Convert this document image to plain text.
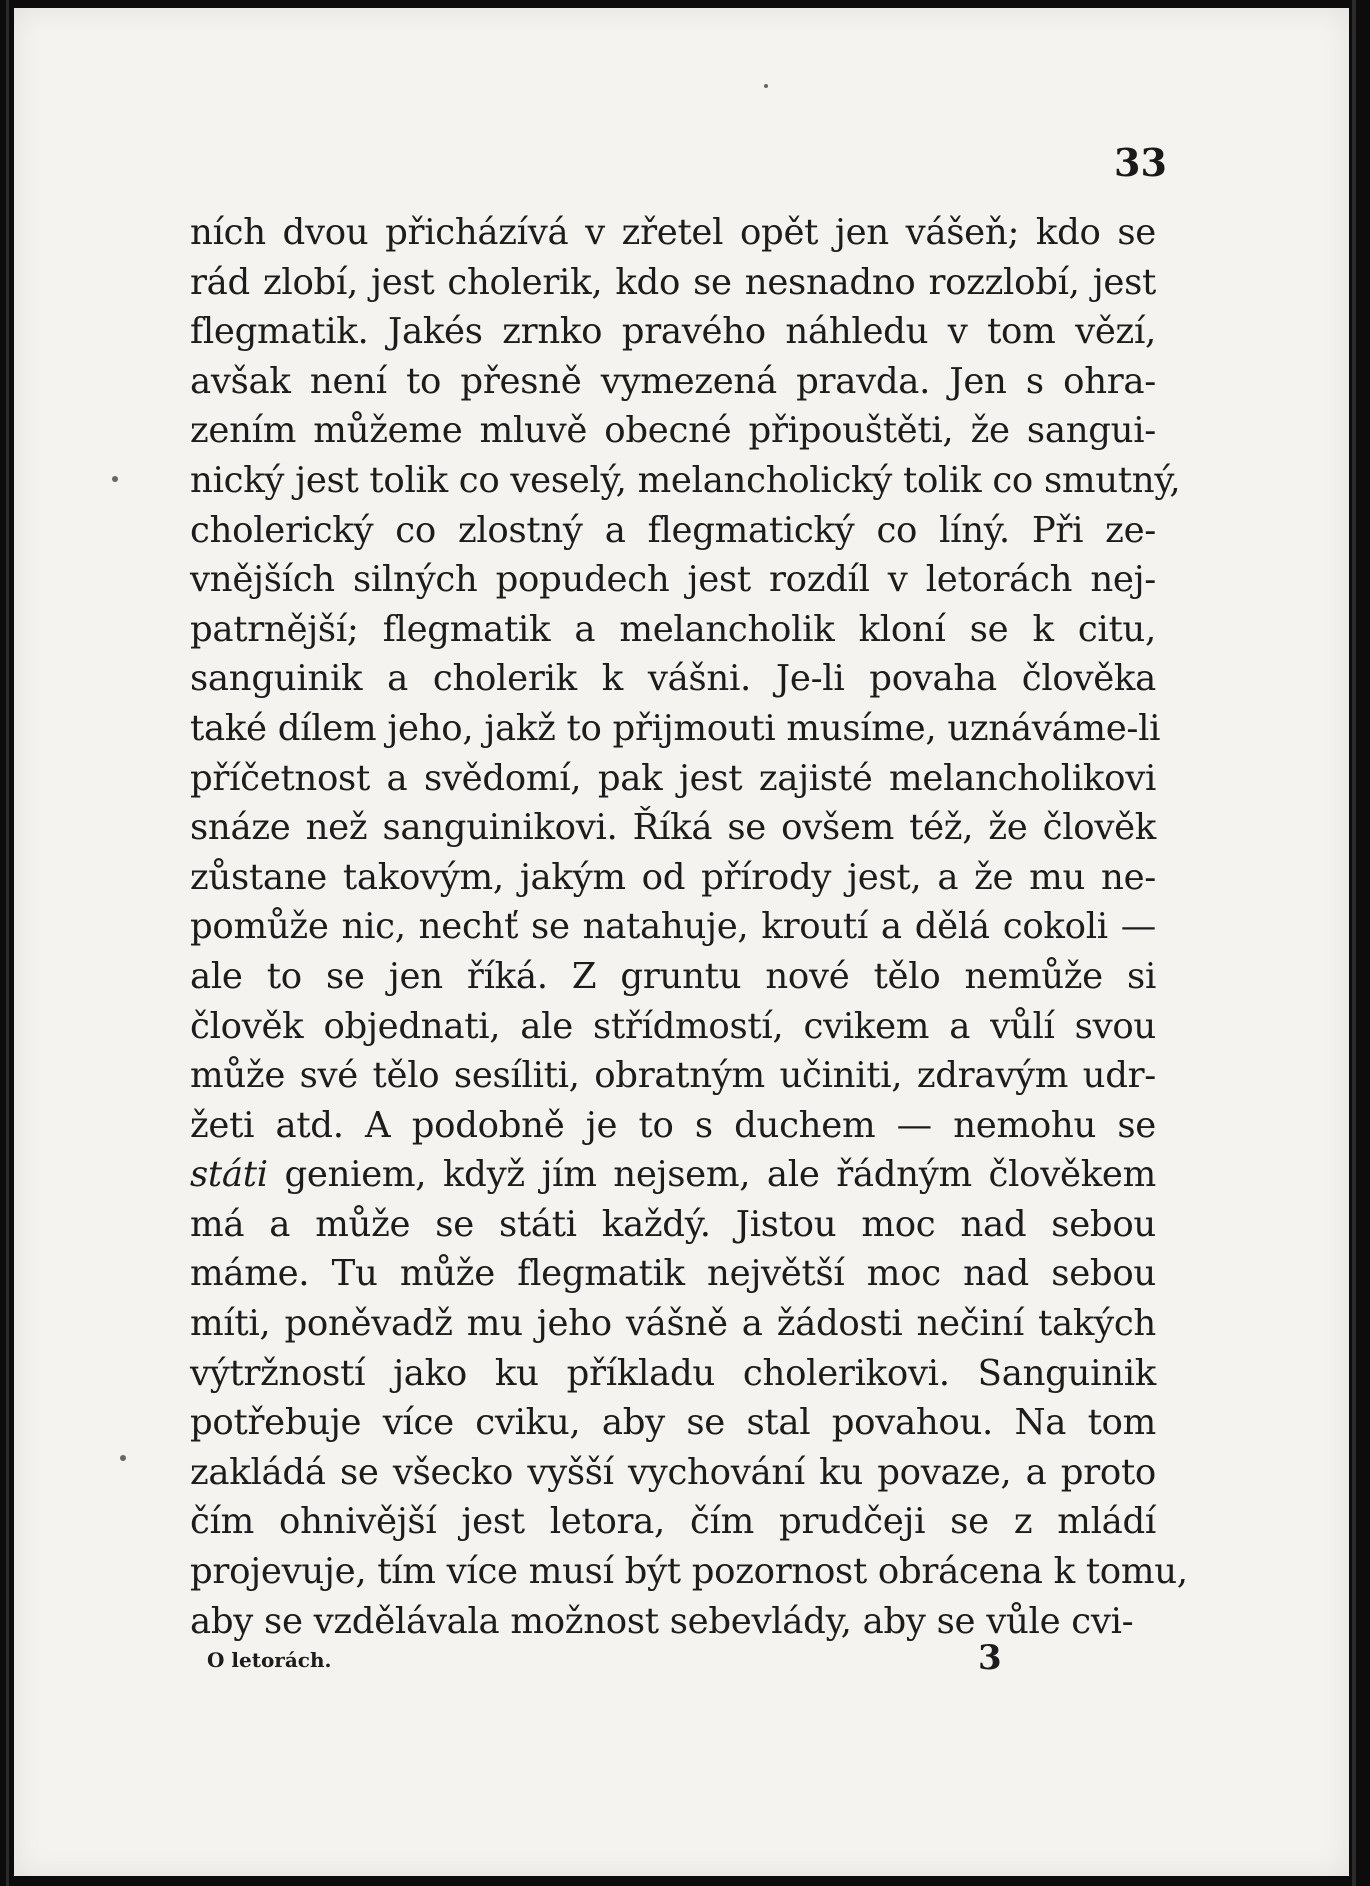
33
ních dvou přicházívá v zřetel opět jen vášeň; kdo se
rád zlobí, jest cholerik, kdo se nesnadno rozzlobí, jest
flegmatik. Jakés zrnko pravého náhledu v tom vězí,
avšak není to přesně vymezená pravda. Jen s ohra-
zením můžeme mluvě obecné připouštěti, že sangui-
nický jest tolik co veselý, melancholický tolik co smutný,
cholerický co zlostný a flegmatický co líný. Při ze-
vnějších silných popudech jest rozdíl v letorách nej-
patrnější; flegmatik a melancholik kloní se k citu,
sanguinik a cholerik k vášni. Je-li povaha člověka
také dílem jeho, jakž to přijmouti musíme, uznáváme-li
příčetnost a svědomí, pak jest zajisté melancholikovi
snáze než sanguinikovi. Říká se ovšem též, že člověk
zůstane takovým, jakým od přírody jest, a že mu ne-
pomůže nic, nechť se natahuje, kroutí a dělá cokoli —
ale to se jen říká. Z gruntu nové tělo nemůže si
člověk objednati, ale střídmostí, cvikem a vůlí svou
může své tělo sesíliti, obratným učiniti, zdravým udr-
žeti atd. A podobně je to s duchem — nemohu se
státi geniem, když jím nejsem, ale řádným člověkem
má a může se státi každý. Jistou moc nad sebou
máme. Tu může flegmatik největší moc nad sebou
míti, poněvadž mu jeho vášně a žádosti nečiní takých
výtržností jako ku příkladu cholerikovi. Sanguinik
potřebuje více cviku, aby se stal povahou. Na tom
zakládá se všecko vyšší vychování ku povaze, a proto
čím ohnivější jest letora, čím prudčeji se z mládí
projevuje, tím více musí být pozornost obrácena k tomu,
aby se vzdělávala možnost sebevlády, aby se vůle cvi-
O letorách.	3
